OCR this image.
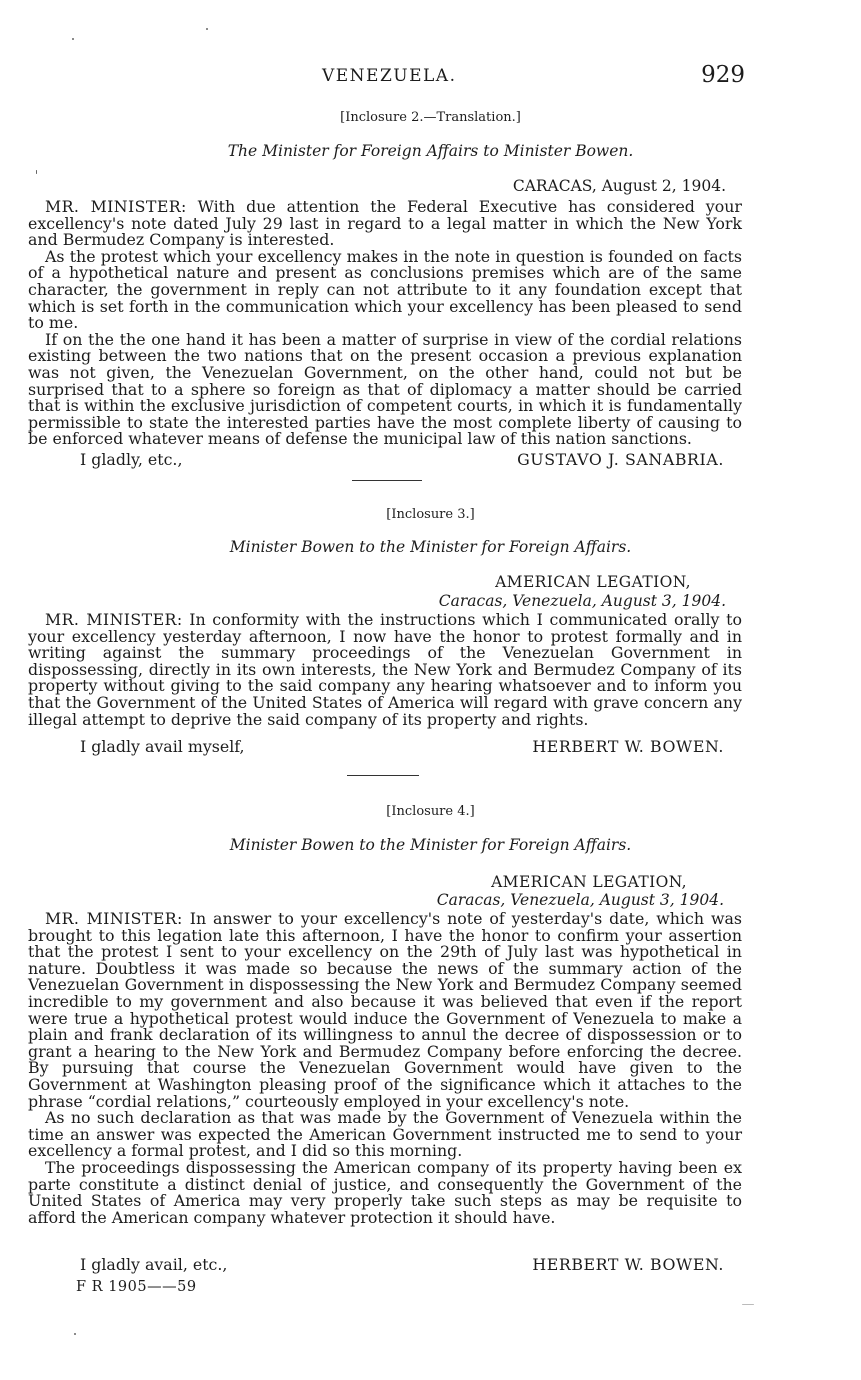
VENEZUELA.	929
[Inclosure 2.—Translation.]
The Minister for Foreign Affairs to Minister Bowen.
CARACAS, August 2, 1904.

MR. MINISTER: With due attention the Federal Executive has considered your excellency's note dated July 29 last in regard to a legal matter in which the New York and Bermudez Company is interested.

As the protest which your excellency makes in the note in question is founded on facts of a hypothetical nature and present as conclusions premises which are of the same character, the government in reply can not attribute to it any foundation except that which is set forth in the communication which your excellency has been pleased to send to me.

If on the the one hand it has been a matter of surprise in view of the cordial relations existing between the two nations that on the present occasion a previous explanation was not given, the Venezuelan Government, on the other hand, could not but be surprised that to a sphere so foreign as that of diplomacy a matter should be carried that is within the exclusive jurisdiction of competent courts, in which it is fundamentally permissible to state the interested parties have the most complete liberty of causing to be enforced whatever means of defense the municipal law of this nation sanctions.

I gladly, etc.,	GUSTAVO J. SANABRIA.
[Inclosure 3.]
Minister Bowen to the Minister for Foreign Affairs.
AMERICAN LEGATION,
Caracas, Venezuela, August 3, 1904.

MR. MINISTER: In conformity with the instructions which I communicated orally to your excellency yesterday afternoon, I now have the honor to protest formally and in writing against the summary proceedings of the Venezuelan Government in dispossessing, directly in its own interests, the New York and Bermudez Company of its property without giving to the said company any hearing whatsoever and to inform you that the Government of the United States of America will regard with grave concern any illegal attempt to deprive the said company of its property and rights.

I gladly avail myself,	HERBERT W. BOWEN.
[Inclosure 4.]
Minister Bowen to the Minister for Foreign Affairs.
AMERICAN LEGATION,
Caracas, Venezuela, August 3, 1904.

MR. MINISTER: In answer to your excellency's note of yesterday's date, which was brought to this legation late this afternoon, I have the honor to confirm your assertion that the protest I sent to your excellency on the 29th of July last was hypothetical in nature. Doubtless it was made so because the news of the summary action of the Venezuelan Government in dispossessing the New York and Bermudez Company seemed incredible to my government and also because it was believed that even if the report were true a hypothetical protest would induce the Government of Venezuela to make a plain and frank declaration of its willingness to annul the decree of dispossession or to grant a hearing to the New York and Bermudez Company before enforcing the decree. By pursuing that course the Venezuelan Government would have given to the Government at Washington pleasing proof of the significance which it attaches to the phrase “cordial relations,” courteously employed in your excellency's note.

As no such declaration as that was made by the Government of Venezuela within the time an answer was expected the American Government instructed me to send to your excellency a formal protest, and I did so this morning.

The proceedings dispossessing the American company of its property having been ex parte constitute a distinct denial of justice, and consequently the Government of the United States of America may very properly take such steps as may be requisite to afford the American company whatever protection it should have.

I gladly avail, etc.,	HERBERT W. BOWEN.
F R 1905——59
